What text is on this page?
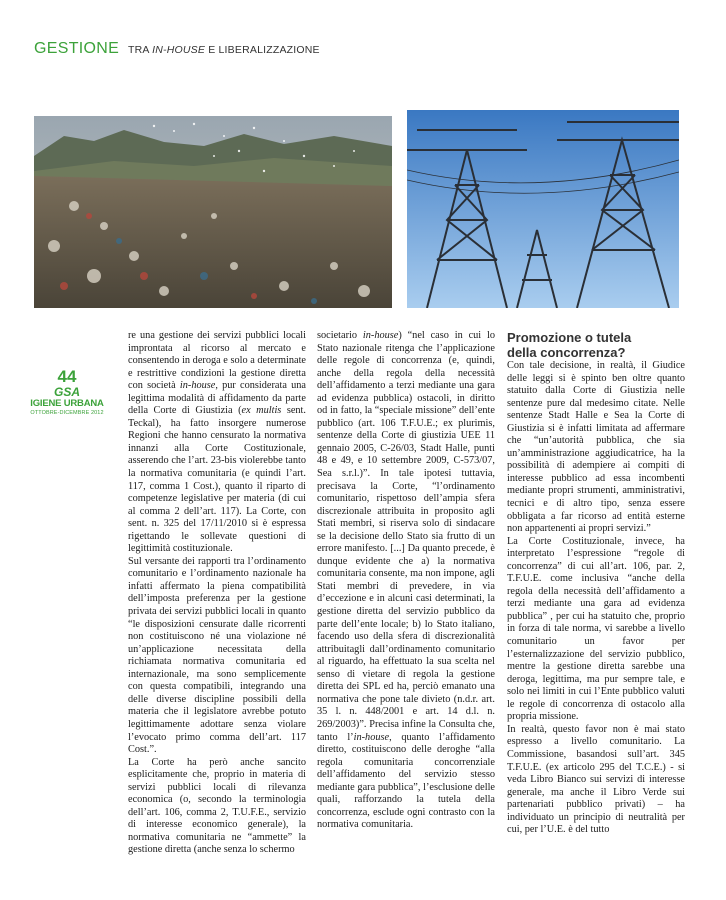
GESTIONE TRA IN-HOUSE E LIBERALIZZAZIONE
44
GSA
IGIENE URBANA
OTTOBRE-DICEMBRE 2012

re una gestione dei servizi pubblici locali improntata al ricorso al mercato e consentendo in deroga e solo a determinate e restrittive condizioni la gestione diretta con società in-house, pur considerata una legittima modalità di affidamento da parte della Corte di Giustizia (ex multis sent. Teckal), ha fatto insorgere numerose Regioni che hanno censurato la normativa innanzi alla Corte Costituzionale, asserendo che l’art. 23-bis violerebbe tanto la normativa comunitaria (e quindi l’art. 117, comma 1 Cost.), quanto il riparto di competenze legislative per materia (di cui al comma 2 dell’art. 117). La Corte, con sent. n. 325 del 17/11/2010 si è espressa rigettando le sollevate questioni di legittimità costituzionale.

Sul versante dei rapporti tra l’ordinamento comunitario e l’ordinamento nazionale ha infatti affermato la piena compatibilità dell’imposta preferenza per la gestione privata dei servizi pubblici locali in quanto “le disposizioni censurate dalle ricorrenti non costituiscono né una violazione né un’applicazione necessitata della richiamata normativa comunitaria ed internazionale, ma sono semplicemente con questa compatibili, integrando una delle diverse discipline possibili della materia che il legislatore avrebbe potuto legittimamente adottare senza violare l’evocato primo comma dell’art. 117 Cost.”.

La Corte ha però anche sancito esplicitamente che, proprio in materia di servizi pubblici locali di rilevanza economica (o, secondo la terminologia dell’art. 106, comma 2, T.U.F.E., servizio di interesse economico generale), la normativa comunitaria ne “ammette” la gestione diretta (anche senza lo schermo

societario in-house) “nel caso in cui lo Stato nazionale ritenga che l’applicazione delle regole di concorrenza (e, quindi, anche della regola della necessità dell’affidamento a terzi mediante una gara ad evidenza pubblica) ostacoli, in diritto od in fatto, la “speciale missione” dell’ente pubblico (art. 106 T.F.U.E.; ex plurimis, sentenze della Corte di giustizia UEE 11 gennaio 2005, C-26/03, Stadt Halle, punti 48 e 49, e 10 settembre 2009, C-573/07, Sea s.r.l.)”. In tale ipotesi tuttavia, precisava la Corte, “l’ordinamento comunitario, rispettoso dell’ampia sfera discrezionale attribuita in proposito agli Stati membri, si riserva solo di sindacare se la decisione dello Stato sia frutto di un errore manifesto. [...] Da quanto precede, è dunque evidente che a) la normativa comunitaria consente, ma non impone, agli Stati membri di prevedere, in via d’eccezione e in alcuni casi determinati, la gestione diretta del servizio pubblico da parte dell’ente locale; b) lo Stato italiano, facendo uso della sfera di discrezionalità attribuitagli dall’ordinamento comunitario al riguardo, ha effettuato la sua scelta nel senso di vietare di regola la gestione diretta dei SPL ed ha, perciò emanato una normativa che pone tale divieto (n.d.r. art. 35 l. n. 448/2001 e art. 14 d.l. n. 269/2003)”. Precisa infine la Consulta che, tanto l’in-house, quanto l’affidamento diretto, costituiscono delle deroghe “alla regola comunitaria concorrenziale dell’affidamento del servizio stesso mediante gara pubblica”, l’esclusione delle quali, rafforzando la tutela della concorrenza, esclude ogni contrasto con la normativa comunitaria.

Promozione o tutela
della concorrenza?

Con tale decisione, in realtà, il Giudice delle leggi si è spinto ben oltre quanto statuito dalla Corte di Giustizia nelle sentenze pure dal medesimo citate. Nelle sentenze Stadt Halle e Sea la Corte di Giustizia si è infatti limitata ad affermare che “un’autorità pubblica, che sia un’amministrazione aggiudicatrice, ha la possibilità di adempiere ai compiti di interesse pubblico ad essa incombenti mediante propri strumenti, amministrativi, tecnici e di altro tipo, senza essere obbligata a far ricorso ad entità esterne non appartenenti ai propri servizi.”

La Corte Costituzionale, invece, ha interpretato l’espressione “regole di concorrenza” di cui all’art. 106, par. 2, T.F.U.E. come inclusiva “anche della regola della necessità dell’affidamento a terzi mediante una gara ad evidenza pubblica” , per cui ha statuito che, proprio in forza di tale norma, vi sarebbe a livello comunitario un favor per l’esternalizzazione del servizio pubblico, mentre la gestione diretta sarebbe una deroga, legittima, ma pur sempre tale, e solo nei limiti in cui l’Ente pubblico valuti le regole di concorrenza di ostacolo alla propria missione.

In realtà, questo favor non è mai stato espresso a livello comunitario. La Commissione, basandosi sull’art. 345 T.F.U.E. (ex articolo 295 del T.C.E.) - si veda Libro Bianco sui servizi di interesse generale, ma anche il Libro Verde sui partenariati pubblico privati) – ha individuato un principio di neutralità per cui, per l’U.E. è del tutto
